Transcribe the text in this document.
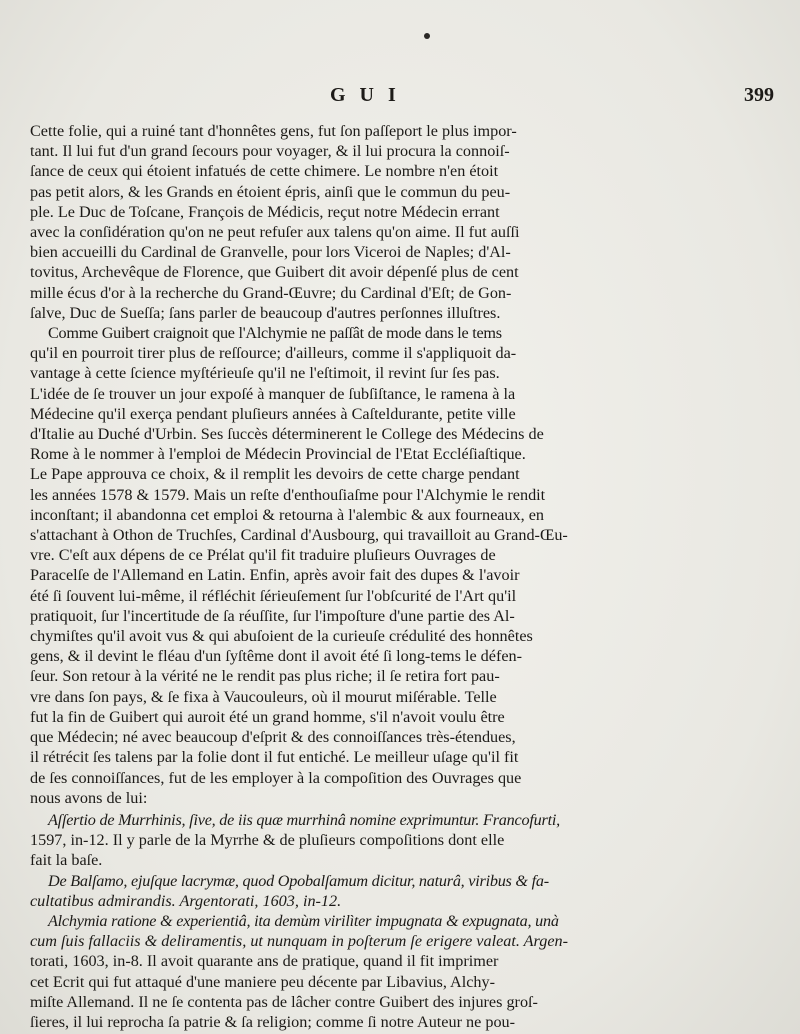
GUI	399
Cette folie, qui a ruiné tant d'honnêtes gens, fut ſon paſſeport le plus impor-
tant. Il lui fut d'un grand ſecours pour voyager, & il lui procura la connoiſ-
ſance de ceux qui étoient infatués de cette chimere. Le nombre n'en étoit
pas petit alors, & les Grands en étoient épris, ainſi que le commun du peu-
ple. Le Duc de Toſcane, François de Médicis, reçut notre Médecin errant
avec la conſidération qu'on ne peut refuſer aux talens qu'on aime. Il fut auſſi
bien accueilli du Cardinal de Granvelle, pour lors Viceroi de Naples; d'Al-
tovitus, Archevêque de Florence, que Guibert dit avoir dépenſé plus de cent
mille écus d'or à la recherche du Grand-Œuvre; du Cardinal d'Eſt; de Gon-
ſalve, Duc de Sueſſa; ſans parler de beaucoup d'autres perſonnes illuſtres.
Comme Guibert craignoit que l'Alchymie ne paſſât de mode dans le tems
qu'il en pourroit tirer plus de reſſource; d'ailleurs, comme il s'appliquoit da-
vantage à cette ſcience myſtérieuſe qu'il ne l'eſtimoit, il revint ſur ſes pas.
L'idée de ſe trouver un jour expoſé à manquer de ſubſiſtance, le ramena à la
Médecine qu'il exerça pendant pluſieurs années à Caſteldurante, petite ville
d'Italie au Duché d'Urbin. Ses ſuccès déterminerent le College des Médecins de
Rome à le nommer à l'emploi de Médecin Provincial de l'Etat Eccléſiaſtique.
Le Pape approuva ce choix, & il remplit les devoirs de cette charge pendant
les années 1578 & 1579. Mais un reſte d'enthouſiaſme pour l'Alchymie le rendit
inconſtant; il abandonna cet emploi & retourna à l'alembic & aux fourneaux, en
s'attachant à Othon de Truchſes, Cardinal d'Ausbourg, qui travailloit au Grand-Œu-
vre. C'eſt aux dépens de ce Prélat qu'il fit traduire pluſieurs Ouvrages de
Paracelſe de l'Allemand en Latin. Enfin, après avoir fait des dupes & l'avoir
été ſi ſouvent lui-même, il réfléchit ſérieuſement ſur l'obſcurité de l'Art qu'il
pratiquoit, ſur l'incertitude de ſa réuſſite, ſur l'impoſture d'une partie des Al-
chymiſtes qu'il avoit vus & qui abuſoient de la curieuſe crédulité des honnêtes
gens, & il devint le fléau d'un ſyſtême dont il avoit été ſi long-tems le défen-
ſeur. Son retour à la vérité ne le rendit pas plus riche; il ſe retira fort pau-
vre dans ſon pays, & ſe fixa à Vaucouleurs, où il mourut miſérable. Telle
fut la fin de Guibert qui auroit été un grand homme, s'il n'avoit voulu être
que Médecin; né avec beaucoup d'eſprit & des connoiſſances très-étendues,
il rétrécit ſes talens par la folie dont il fut entiché. Le meilleur uſage qu'il fit
de ſes connoiſſances, fut de les employer à la compoſition des Ouvrages que
nous avons de lui:
Aſſertio de Murrhinis, ſive, de iis quæ murrhinâ nomine exprimuntur. Francofurti,
1597, in-12. Il y parle de la Myrrhe & de pluſieurs compoſitions dont elle
fait la baſe.
De Balſamo, ejuſque lacrymæ, quod Opobalſamum dicitur, naturâ, viribus & fa-
cultatibus admirandis. Argentorati, 1603, in-12.
Alchymia ratione & experientiâ, ita demùm virilìter impugnata & expugnata, unà
cum ſuis fallaciis & deliramentis, ut nunquam in poſterum ſe erigere valeat. Argen-
torati, 1603, in-8. Il avoit quarante ans de pratique, quand il fit imprimer
cet Ecrit qui fut attaqué d'une maniere peu décente par Libavius, Alchy-
miſte Allemand. Il ne ſe contenta pas de lâcher contre Guibert des injures groſ-
ſieres, il lui reprocha ſa patrie & ſa religion; comme ſi notre Auteur ne pou-
